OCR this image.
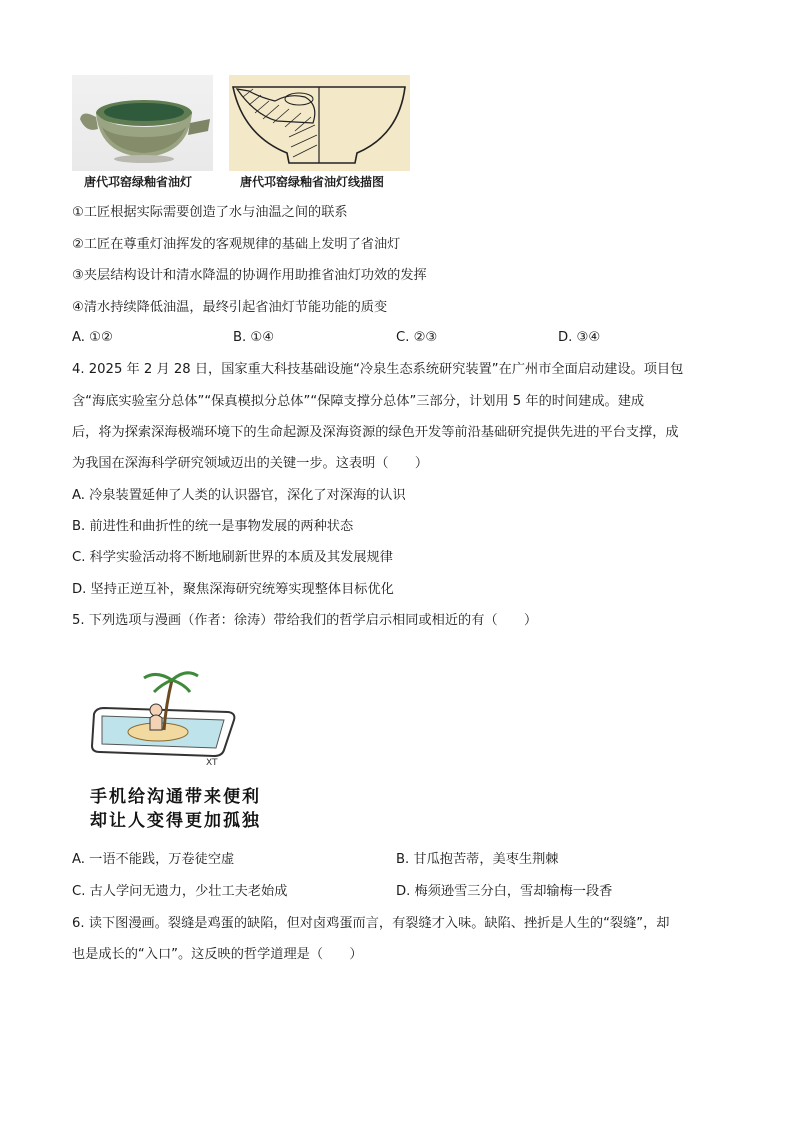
唐代邛窑绿釉省油灯	唐代邛窑绿釉省油灯线描图
①工匠根据实际需要创造了水与油温之间的联系
②工匠在尊重灯油挥发的客观规律的基础上发明了省油灯
③夹层结构设计和清水降温的协调作用助推省油灯功效的发挥
④清水持续降低油温，最终引起省油灯节能功能的质变
A. ①②	B. ①④	C. ②③	D. ③④
4. 2025 年 2 月 28 日，国家重大科技基础设施“冷泉生态系统研究装置”在广州市全面启动建设。项目包
含“海底实验室分总体”“保真模拟分总体”“保障支撑分总体”三部分，计划用 5 年的时间建成。建成
后，将为探索深海极端环境下的生命起源及深海资源的绿色开发等前沿基础研究提供先进的平台支撑，成
为我国在深海科学研究领域迈出的关键一步。这表明（　　）
A. 冷泉装置延伸了人类的认识器官，深化了对深海的认识
B. 前进性和曲折性的统一是事物发展的两种状态
C. 科学实验活动将不断地刷新世界的本质及其发展规律
D. 坚持正逆互补，聚焦深海研究统筹实现整体目标优化
5. 下列选项与漫画（作者：徐涛）带给我们的哲学启示相同或相近的有（　　）
XT
手机给沟通带来便利
却让人变得更加孤独
A. 一语不能践，万卷徒空虚	B. 甘瓜抱苦蒂，美枣生荆棘
C. 古人学问无遗力，少壮工夫老始成	D. 梅须逊雪三分白，雪却输梅一段香
6. 读下图漫画。裂缝是鸡蛋的缺陷，但对卤鸡蛋而言，有裂缝才入味。缺陷、挫折是人生的“裂缝”，却
也是成长的“入口”。这反映的哲学道理是（　　）
